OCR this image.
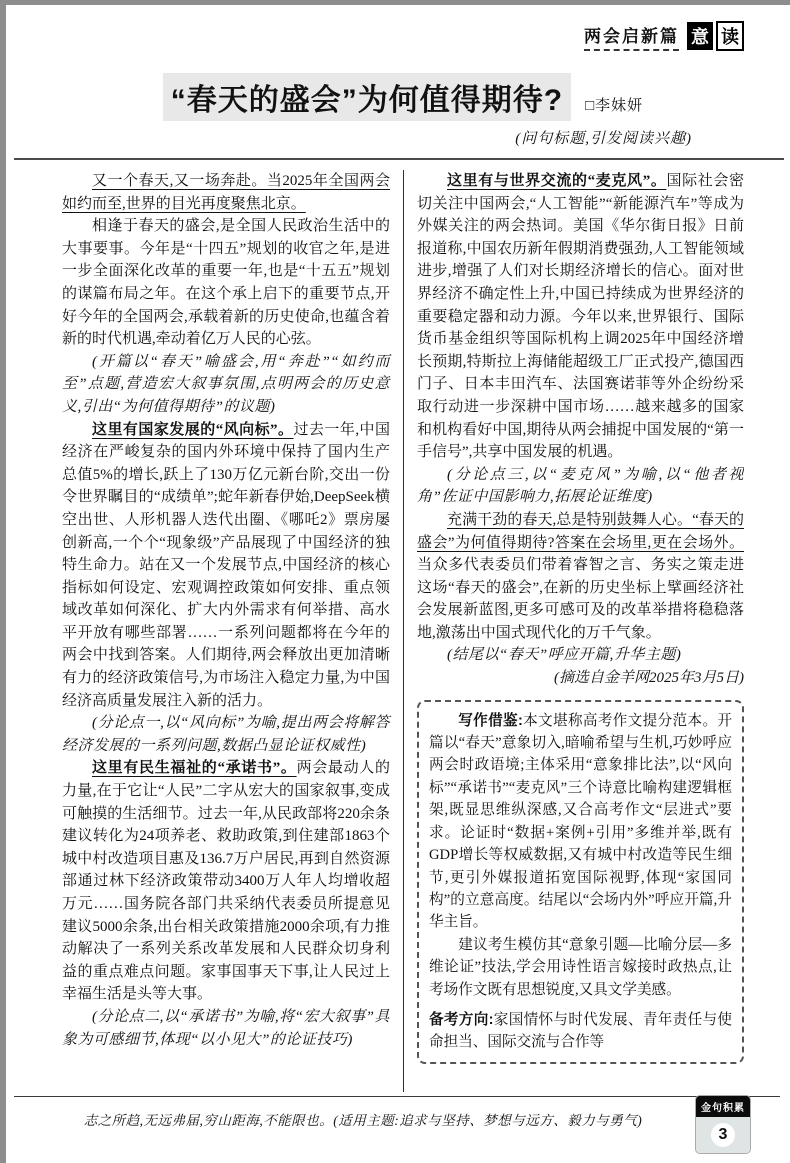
两会启新篇 意 读
“春天的盛会”为何值得期待?	□李妹妍
(问句标题,引发阅读兴趣)

又一个春天,又一场奔赴。当2025年全国两会如约而至,世界的目光再度聚焦北京。

相逢于春天的盛会,是全国人民政治生活中的大事要事。今年是“十四五”规划的收官之年,是进一步全面深化改革的重要一年,也是“十五五”规划的谋篇布局之年。在这个承上启下的重要节点,开好今年的全国两会,承载着新的历史使命,也蕴含着新的时代机遇,牵动着亿万人民的心弦。

(开篇以“春天”喻盛会,用“奔赴”“如约而至”点题,营造宏大叙事氛围,点明两会的历史意义,引出“为何值得期待”的议题)

这里有国家发展的“风向标”。过去一年,中国经济在严峻复杂的国内外环境中保持了国内生产总值5%的增长,跃上了130万亿元新台阶,交出一份令世界瞩目的“成绩单”;蛇年新春伊始,DeepSeek横空出世、人形机器人迭代出圈、《哪吒2》票房屡创新高,一个个“现象级”产品展现了中国经济的独特生命力。站在又一个发展节点,中国经济的核心指标如何设定、宏观调控政策如何安排、重点领域改革如何深化、扩大内外需求有何举措、高水平开放有哪些部署……一系列问题都将在今年的两会中找到答案。人们期待,两会释放出更加清晰有力的经济政策信号,为市场注入稳定力量,为中国经济高质量发展注入新的活力。

(分论点一,以“风向标”为喻,提出两会将解答经济发展的一系列问题,数据凸显论证权威性)

这里有民生福祉的“承诺书”。两会最动人的力量,在于它让“人民”二字从宏大的国家叙事,变成可触摸的生活细节。过去一年,从民政部将220余条建议转化为24项养老、救助政策,到住建部1863个城中村改造项目惠及136.7万户居民,再到自然资源部通过林下经济政策带动3400万人年人均增收超万元……国务院各部门共采纳代表委员所提意见建议5000余条,出台相关政策措施2000余项,有力推动解决了一系列关系改革发展和人民群众切身利益的重点难点问题。家事国事天下事,让人民过上幸福生活是头等大事。

(分论点二,以“承诺书”为喻,将“宏大叙事”具象为可感细节,体现“以小见大”的论证技巧)

这里有与世界交流的“麦克风”。国际社会密切关注中国两会,“人工智能”“新能源汽车”等成为外媒关注的两会热词。美国《华尔街日报》日前报道称,中国农历新年假期消费强劲,人工智能领域进步,增强了人们对长期经济增长的信心。面对世界经济不确定性上升,中国已持续成为世界经济的重要稳定器和动力源。今年以来,世界银行、国际货币基金组织等国际机构上调2025年中国经济增长预期,特斯拉上海储能超级工厂正式投产,德国西门子、日本丰田汽车、法国赛诺菲等外企纷纷采取行动进一步深耕中国市场……越来越多的国家和机构看好中国,期待从两会捕捉中国发展的“第一手信号”,共享中国发展的机遇。

(分论点三,以“麦克风”为喻,以“他者视角”佐证中国影响力,拓展论证维度)

充满干劲的春天,总是特别鼓舞人心。“春天的盛会”为何值得期待?答案在会场里,更在会场外。当众多代表委员们带着睿智之言、务实之策走进这场“春天的盛会”,在新的历史坐标上擘画经济社会发展新蓝图,更多可感可及的改革举措将稳稳落地,激荡出中国式现代化的万千气象。

(结尾以“春天”呼应开篇,升华主题)

(摘选自金羊网2025年3月5日)

写作借鉴:本文堪称高考作文提分范本。开篇以“春天”意象切入,暗喻希望与生机,巧妙呼应两会时政语境;主体采用“意象排比法”,以“风向标”“承诺书”“麦克风”三个诗意比喻构建逻辑框架,既显思维纵深感,又合高考作文“层进式”要求。论证时“数据+案例+引用”多维并举,既有GDP增长等权威数据,又有城中村改造等民生细节,更引外媒报道拓宽国际视野,体现“家国同构”的立意高度。结尾以“会场内外”呼应开篇,升华主旨。

建议考生模仿其“意象引题—比喻分层—多维论证”技法,学会用诗性语言嫁接时政热点,让考场作文既有思想锐度,又具文学美感。

备考方向:家国情怀与时代发展、青年责任与使命担当、国际交流与合作等

志之所趋,无远弗届,穷山距海,不能限也。(适用主题:追求与坚持、梦想与远方、毅力与勇气)
金句积累
3
